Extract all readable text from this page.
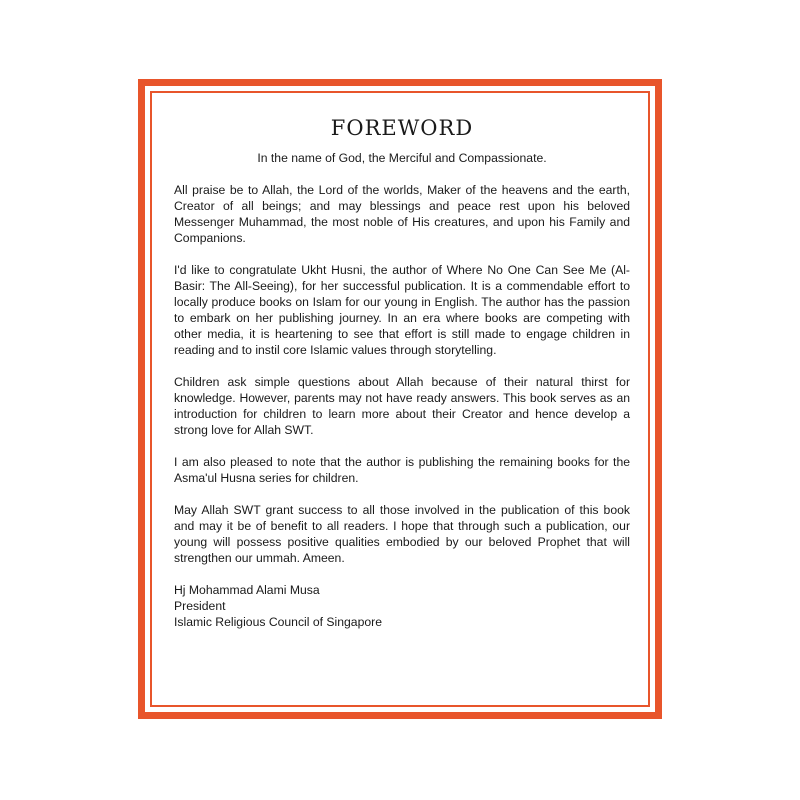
FOREWORD

In the name of God, the Merciful and Compassionate.

All praise be to Allah, the Lord of the worlds, Maker of the heavens and the earth, Creator of all beings; and may blessings and peace rest upon his beloved Messenger Muhammad, the most noble of His creatures, and upon his Family and Companions.

I'd like to congratulate Ukht Husni, the author of Where No One Can See Me (Al-Basir: The All-Seeing), for her successful publication. It is a commendable effort to locally produce books on Islam for our young in English. The author has the passion to embark on her publishing journey. In an era where books are competing with other media, it is heartening to see that effort is still made to engage children in reading and to instil core Islamic values through storytelling.

Children ask simple questions about Allah because of their natural thirst for knowledge. However, parents may not have ready answers. This book serves as an introduction for children to learn more about their Creator and hence develop a strong love for Allah SWT.

I am also pleased to note that the author is publishing the remaining books for the Asma'ul Husna series for children.

May Allah SWT grant success to all those involved in the publication of this book and may it be of benefit to all readers. I hope that through such a publication, our young will possess positive qualities embodied by our beloved Prophet that will strengthen our ummah. Ameen.

Hj Mohammad Alami Musa
President
Islamic Religious Council of Singapore
